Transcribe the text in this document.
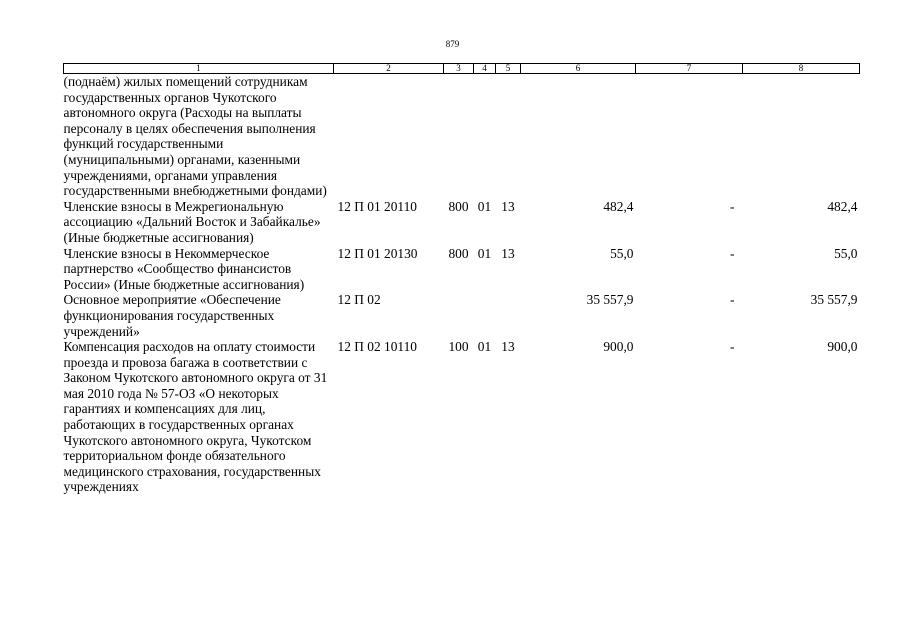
879
1	2	3	4	5	6	7	8
(поднаём) жилых помещений сотрудникам государственных органов Чукотского автономного округа (Расходы на выплаты персоналу в целях обеспечения выполнения функций государственными (муниципальными) органами, казенными учреждениями, органами управления государственными внебюджетными фондами)							
Членские взносы в Межрегиональную ассоциацию «Дальний Восток и Забайкалье» (Иные бюджетные ассигнования)	12 П 01 20110	800	01	13	482,4	-	482,4
Членские взносы в Некоммерческое партнерство «Сообщество финансистов России» (Иные бюджетные ассигнования)	12 П 01 20130	800	01	13	55,0	-	55,0
Основное мероприятие «Обеспечение функционирования государственных учреждений»	12 П 02				35 557,9	-	35 557,9
Компенсация расходов на оплату стоимости проезда и провоза багажа в соответствии с Законом Чукотского автономного округа от 31 мая 2010 года № 57-ОЗ «О некоторых гарантиях и компенсациях для лиц, работающих в государственных органах Чукотского автономного округа, Чукотском территориальном фонде обязательного медицинского страхования, государственных учреждениях	12 П 02 10110	100	01	13	900,0	-	900,0
